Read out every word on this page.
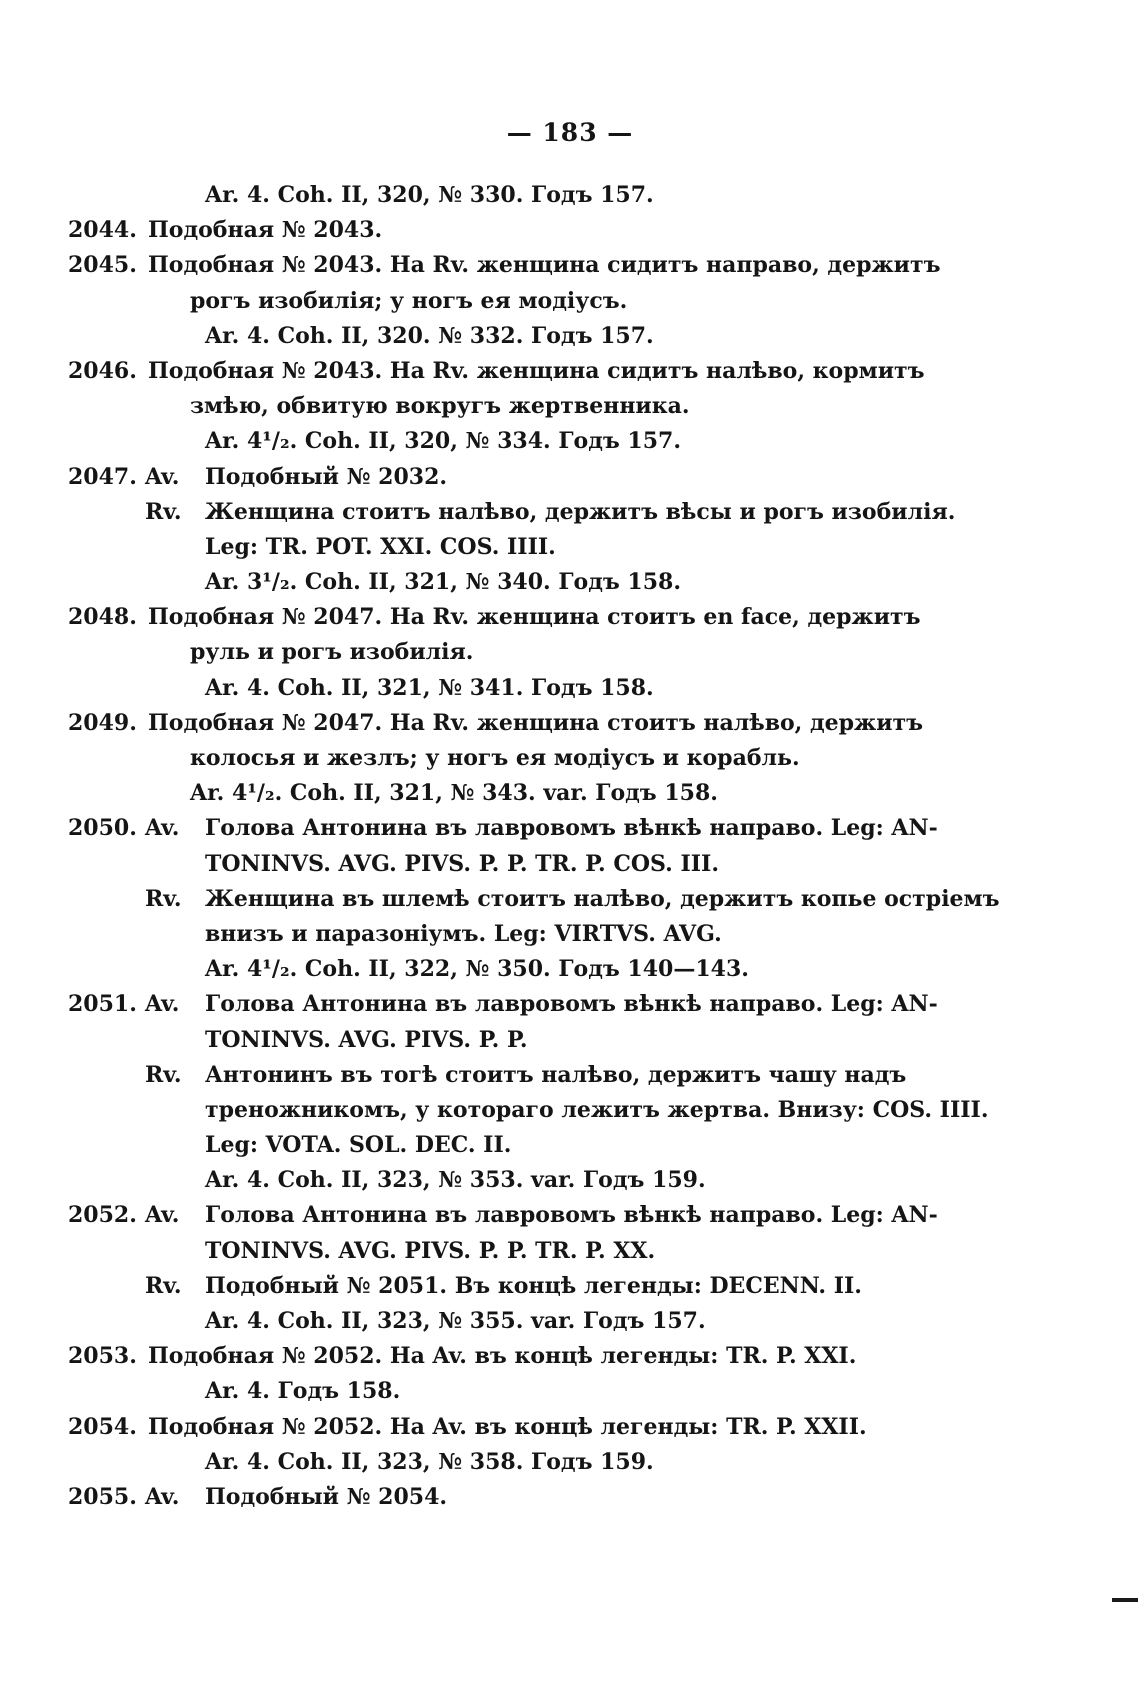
— 183 —
Ar. 4. Coh. II, 320, № 330. Годъ 157.
2044. Подобная № 2043.
2045. Подобная № 2043. На Rv. женщина сидитъ направо, держитъ
рогъ изобилія; у ногъ ея модіусъ.
Ar. 4. Coh. II, 320. № 332. Годъ 157.
2046. Подобная № 2043. На Rv. женщина сидитъ налѣво, кормитъ
змѣю, обвитую вокругъ жертвенника.
Ar. 4¹/₂. Coh. II, 320, № 334. Годъ 157.
2047. Av. Подобный № 2032.
Rv. Женщина стоитъ налѣво, держитъ вѣсы и рогъ изобилія.
Leg: TR. POT. XXI. COS. IIII.
Ar. 3¹/₂. Coh. II, 321, № 340. Годъ 158.
2048. Подобная № 2047. На Rv. женщина стоитъ en face, держитъ
руль и рогъ изобилія.
Ar. 4. Coh. II, 321, № 341. Годъ 158.
2049. Подобная № 2047. На Rv. женщина стоитъ налѣво, держитъ
колосья и жезлъ; у ногъ ея модіусъ и корабль.
Ar. 4¹/₂. Coh. II, 321, № 343. var. Годъ 158.
2050. Av. Голова Антонина въ лавровомъ вѣнкѣ направо. Leg: AN-
TONINVS. AVG. PIVS. P. P. TR. P. COS. III.
Rv. Женщина въ шлемѣ стоитъ налѣво, держитъ копье остріемъ
внизъ и паразоніумъ. Leg: VIRTVS. AVG.
Ar. 4¹/₂. Coh. II, 322, № 350. Годъ 140—143.
2051. Av. Голова Антонина въ лавровомъ вѣнкѣ направо. Leg: AN-
TONINVS. AVG. PIVS. P. P.
Rv. Антонинъ въ тогѣ стоитъ налѣво, держитъ чашу надъ
треножникомъ, у котораго лежитъ жертва. Внизу: COS. IIII.
Leg: VOTA. SOL. DEC. II.
Ar. 4. Coh. II, 323, № 353. var. Годъ 159.
2052. Av. Голова Антонина въ лавровомъ вѣнкѣ направо. Leg: AN-
TONINVS. AVG. PIVS. P. P. TR. P. XX.
Rv. Подобный № 2051. Въ концѣ легенды: DECENN. II.
Ar. 4. Coh. II, 323, № 355. var. Годъ 157.
2053. Подобная № 2052. На Av. въ концѣ легенды: TR. P. XXI.
Ar. 4. Годъ 158.
2054. Подобная № 2052. На Av. въ концѣ легенды: TR. P. XXII.
Ar. 4. Coh. II, 323, № 358. Годъ 159.
2055. Av. Подобный № 2054.
